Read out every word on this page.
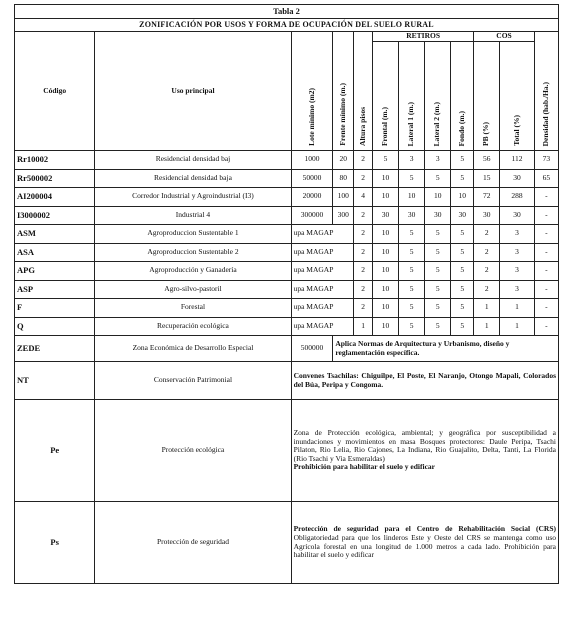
Tabla 2											
ZONIFICACIÓN POR USOS Y FORMA DE OCUPACIÓN DEL SUELO RURAL											
Código	Uso principal	Lote mínimo (m2)	Frente mínimo (m.)	Altura pisos	RETIROS				COS		Densidad (hab./Ha.)

					Frontal (m.)	Lateral 1 (m.)	Lateral 2 (m.)	Fondo (m.)	PB (%)	Total (%)	

Rr10002	Residencial densidad baj	1000	20	2	5	3	3	5	56	112	73
Rr500002	Residencial densidad baja	50000	80	2	10	5	5	5	15	30	65
AI200004	Corredor Industrial y Agroindustrial (I3)	20000	100	4	10	10	10	10	72	288	-
I3000002	Industrial 4	300000	300	2	30	30	30	30	30	30	-
ASM	Agroproduccion Sustentable 1	upa MAGAP		2	10	5	5	5	2	3	-
ASA	Agroproduccion Sustentable 2	upa MAGAP		2	10	5	5	5	2	3	-
APG	Agroproducción y Ganadería	upa MAGAP		2	10	5	5	5	2	3	-
ASP	Agro-silvo-pastoril	upa MAGAP		2	10	5	5	5	2	3	-
F	Forestal	upa MAGAP		2	10	5	5	5	1	1	-
Q	Recuperación ecológica	upa MAGAP		1	10	5	5	5	1	1	-
ZEDE	Zona Económica de Desarrollo Especial	500000	Aplica Normas de Arquitectura y Urbanismo, diseño y reglamentación específica.								
NT	Conservación Patrimonial	Convenes Tsachilas: Chiguilpe, El Poste, El Naranjo, Otongo Mapali, Colorados del Búa, Peripa y Congoma.									
Pe	Protección ecológica	Zona de Protección ecológica, ambiental; y geográfica por susceptibilidad a inundaciones y movimientos en masa Bosques protectores: Daule Peripa, Tsachi Pilaton, Rio Lelia, Rio Cajones, La Indiana, Rio Guajalito, Delta, Tanti, La Florida (Rio Tsachi y Via Esmeraldas)
Prohibición para habilitar el suelo y edificar									
Ps	Protección de seguridad	Protección de seguridad para el Centro de Rehabilitación Social (CRS) Obligatoriedad para que los linderos Este y Oeste del CRS se mantenga como uso Agrícola forestal en una longitud de 1.000 metros a cada lado. Prohibición para habilitar el suelo y edificar									
